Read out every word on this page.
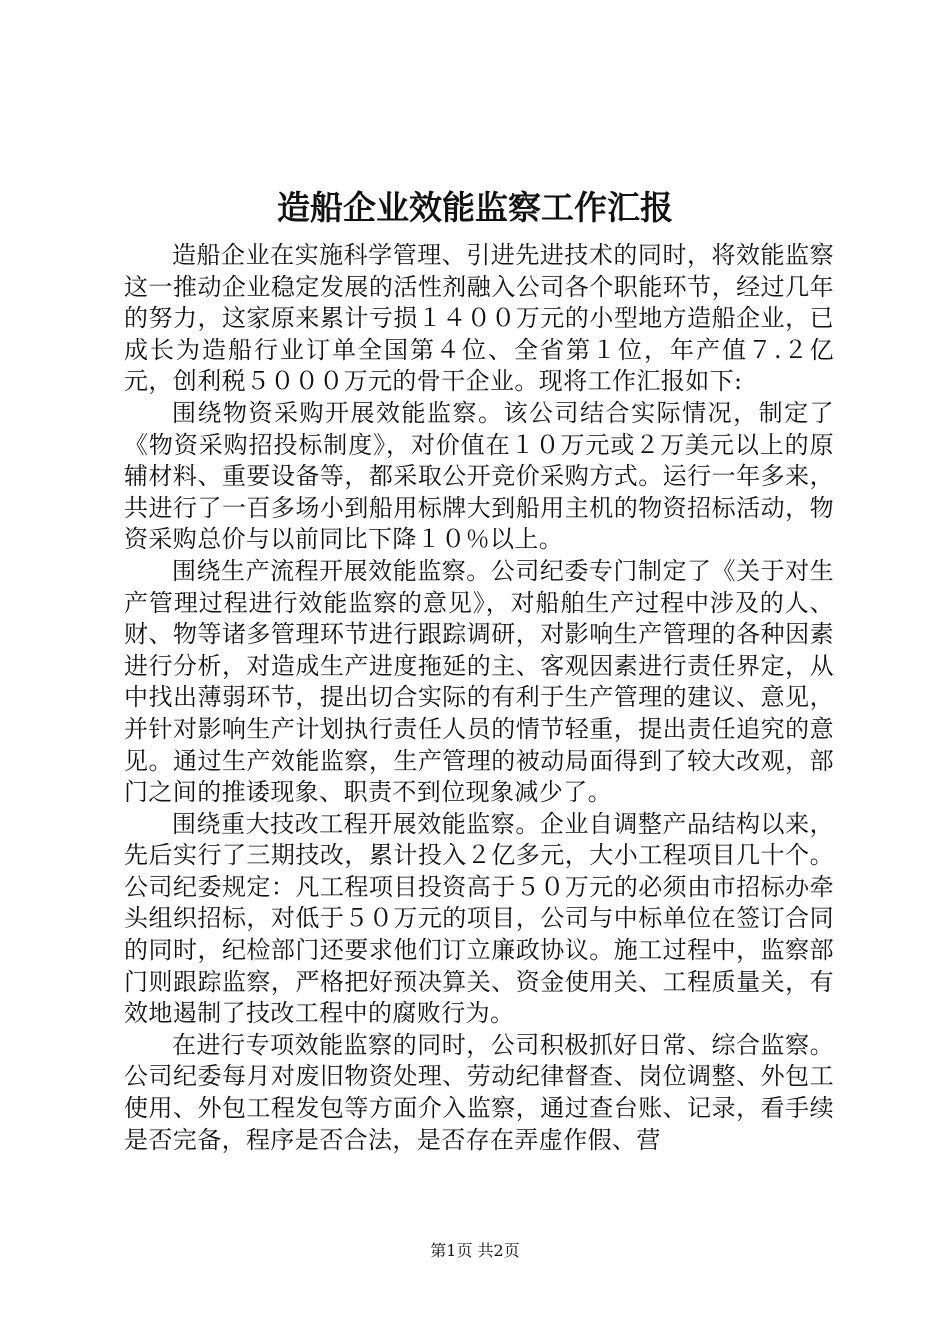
造船企业效能监察工作汇报

造船企业在实施科学管理、引进先进技术的同时，将效能监察这一推动企业稳定发展的活性剂融入公司各个职能环节，经过几年的努力，这家原来累计亏损１４００万元的小型地方造船企业，已成长为造船行业订单全国第４位、全省第１位，年产值７.２亿元，创利税５０００万元的骨干企业。现将工作汇报如下:

围绕物资采购开展效能监察。该公司结合实际情况，制定了《物资采购招投标制度》，对价值在１０万元或２万美元以上的原辅材料、重要设备等，都采取公开竞价采购方式。运行一年多来，共进行了一百多场小到船用标牌大到船用主机的物资招标活动，物资采购总价与以前同比下降１０％以上。

围绕生产流程开展效能监察。公司纪委专门制定了《关于对生产管理过程进行效能监察的意见》，对船舶生产过程中涉及的人、财、物等诸多管理环节进行跟踪调研，对影响生产管理的各种因素进行分析，对造成生产进度拖延的主、客观因素进行责任界定，从中找出薄弱环节，提出切合实际的有利于生产管理的建议、意见，并针对影响生产计划执行责任人员的情节轻重，提出责任追究的意见。通过生产效能监察，生产管理的被动局面得到了较大改观，部门之间的推诿现象、职责不到位现象减少了。

围绕重大技改工程开展效能监察。企业自调整产品结构以来，先后实行了三期技改，累计投入２亿多元，大小工程项目几十个。公司纪委规定：凡工程项目投资高于５０万元的必须由市招标办牵头组织招标，对低于５０万元的项目，公司与中标单位在签订合同的同时，纪检部门还要求他们订立廉政协议。施工过程中，监察部门则跟踪监察，严格把好预决算关、资金使用关、工程质量关，有效地遏制了技改工程中的腐败行为。

在进行专项效能监察的同时，公司积极抓好日常、综合监察。公司纪委每月对废旧物资处理、劳动纪律督查、岗位调整、外包工使用、外包工程发包等方面介入监察，通过查台账、记录，看手续是否完备，程序是否合法，是否存在弄虚作假、营

第1页 共2页
